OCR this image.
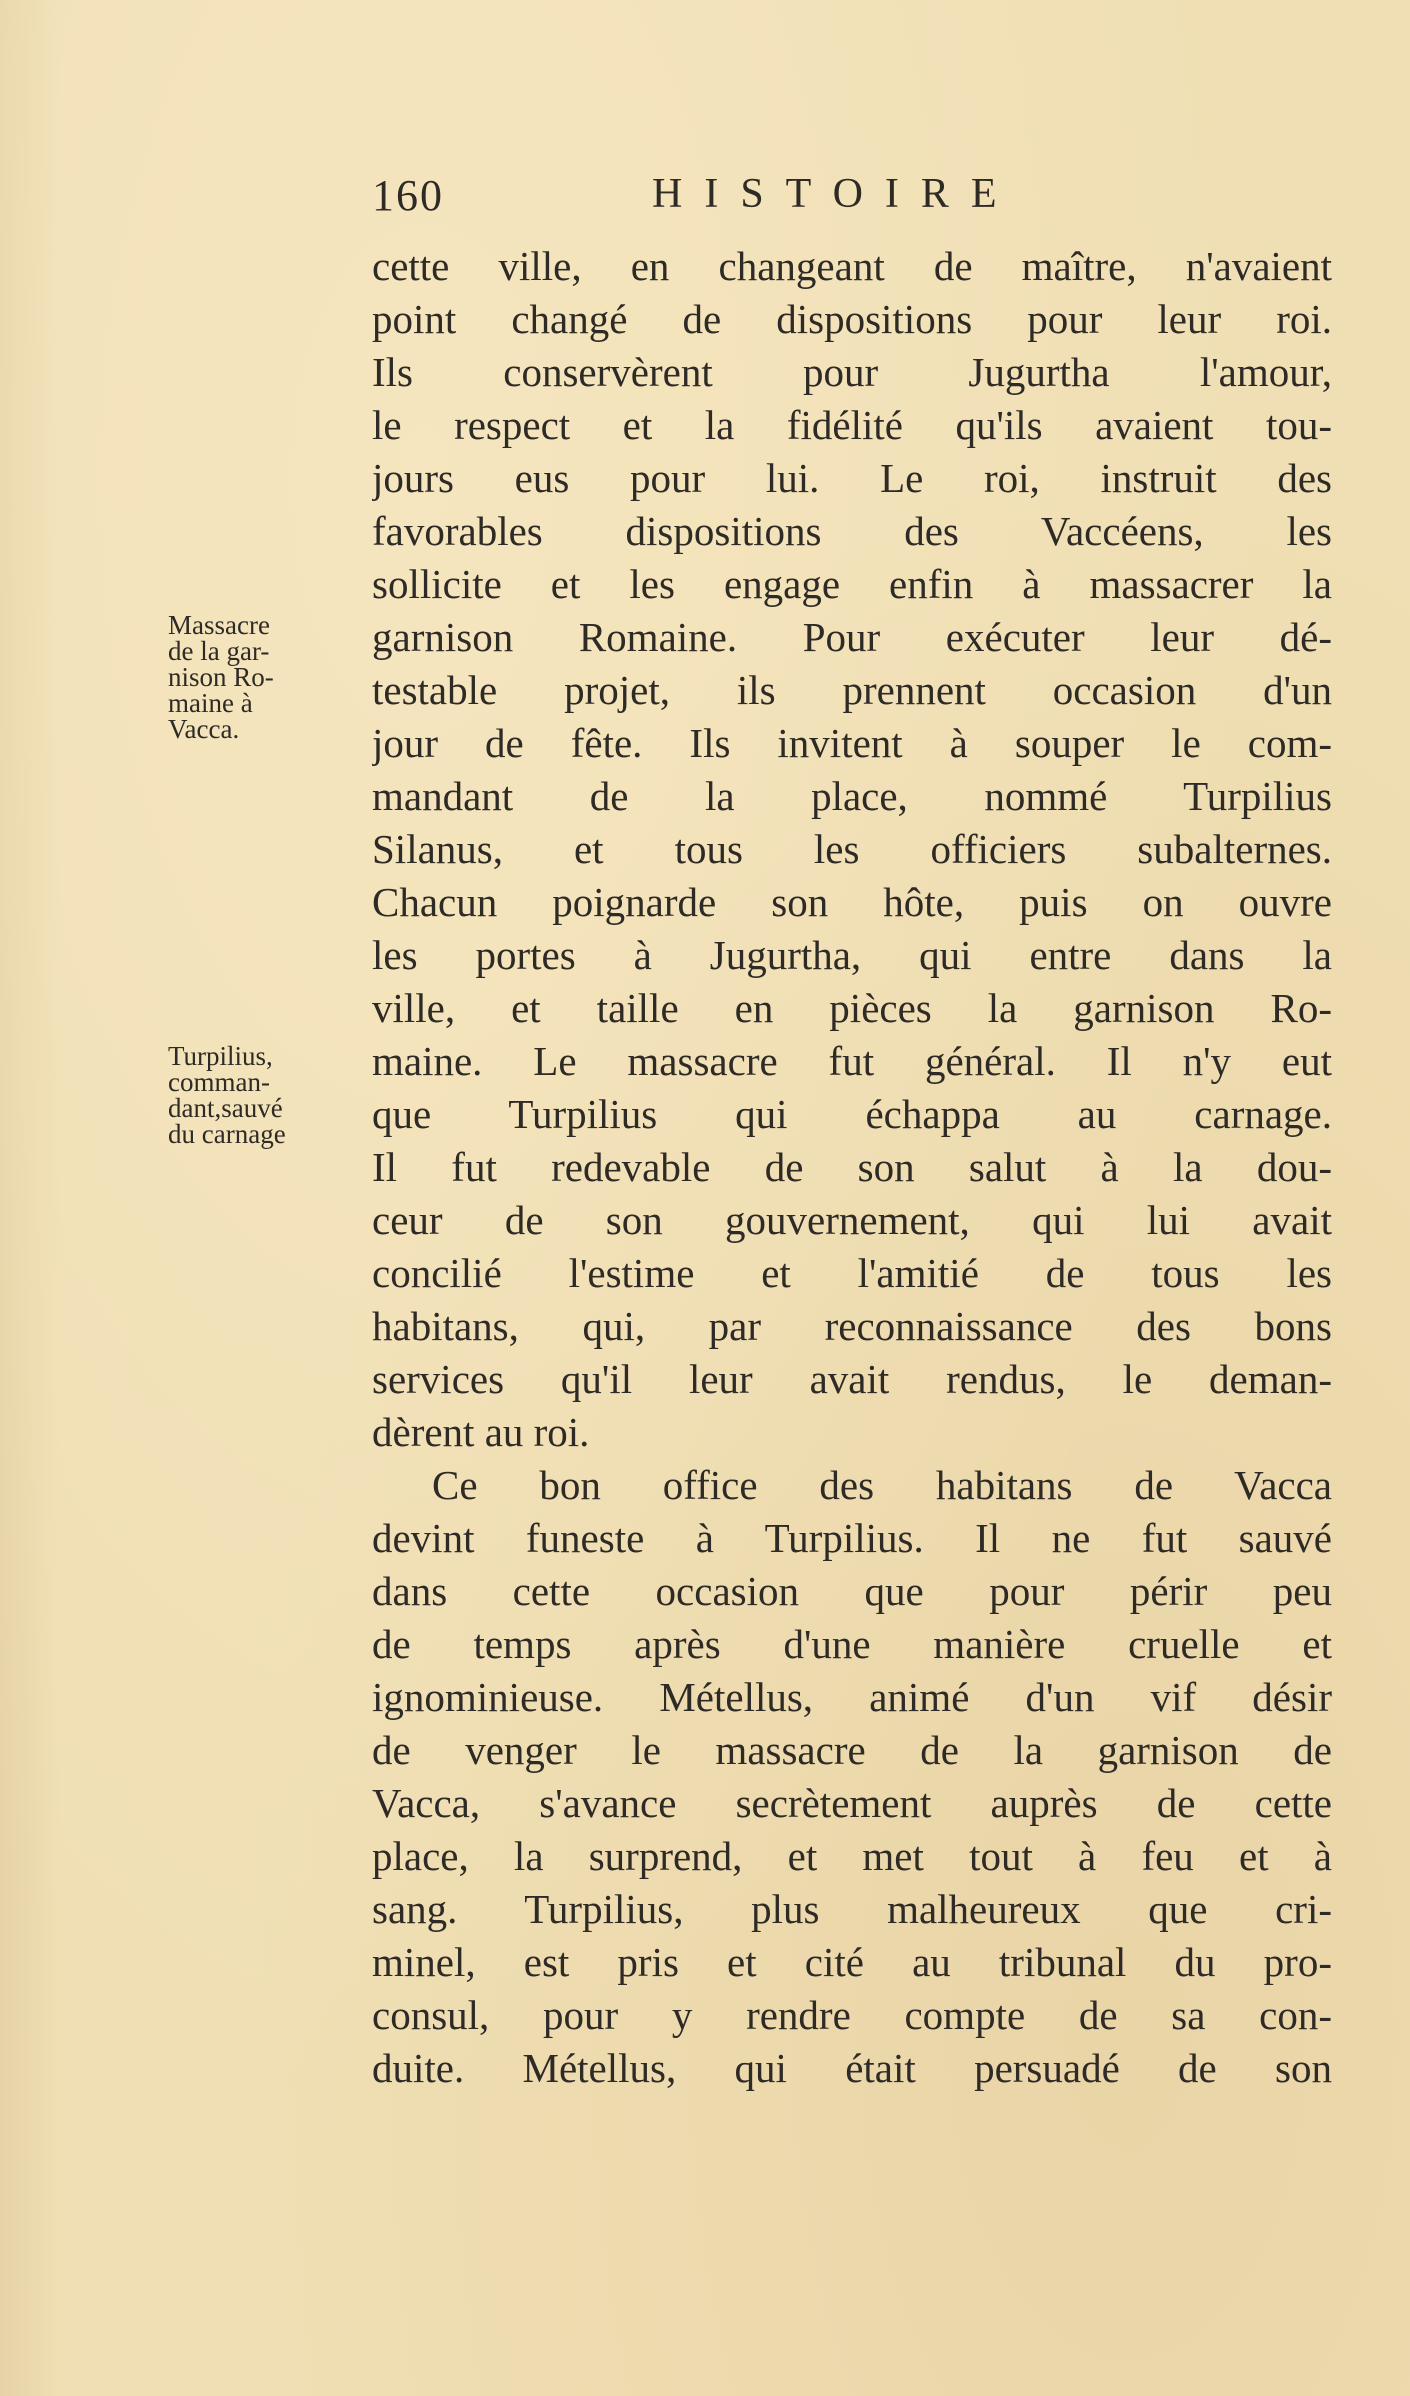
160	HISTOIRE
Massacre
de la gar-
nison Ro-
maine à
Vacca.
Turpilius,
comman-
dant,sauvé
du carnage
cette ville, en changeant de maître, n'avaient
point changé de dispositions pour leur roi.
Ils conservèrent pour Jugurtha l'amour,
le respect et la fidélité qu'ils avaient tou-
jours eus pour lui. Le roi, instruit des
favorables dispositions des Vaccéens, les
sollicite et les engage enfin à massacrer la
garnison Romaine. Pour exécuter leur dé-
testable projet, ils prennent occasion d'un
jour de fête. Ils invitent à souper le com-
mandant de la place, nommé Turpilius
Silanus, et tous les officiers subalternes.
Chacun poignarde son hôte, puis on ouvre
les portes à Jugurtha, qui entre dans la
ville, et taille en pièces la garnison Ro-
maine. Le massacre fut général. Il n'y eut
que Turpilius qui échappa au carnage.
Il fut redevable de son salut à la dou-
ceur de son gouvernement, qui lui avait
concilié l'estime et l'amitié de tous les
habitans, qui, par reconnaissance des bons
services qu'il leur avait rendus, le deman-
dèrent au roi.
Ce bon office des habitans de Vacca
devint funeste à Turpilius. Il ne fut sauvé
dans cette occasion que pour périr peu
de temps après d'une manière cruelle et
ignominieuse. Métellus, animé d'un vif désir
de venger le massacre de la garnison de
Vacca, s'avance secrètement auprès de cette
place, la surprend, et met tout à feu et à
sang. Turpilius, plus malheureux que cri-
minel, est pris et cité au tribunal du pro-
consul, pour y rendre compte de sa con-
duite. Métellus, qui était persuadé de son
